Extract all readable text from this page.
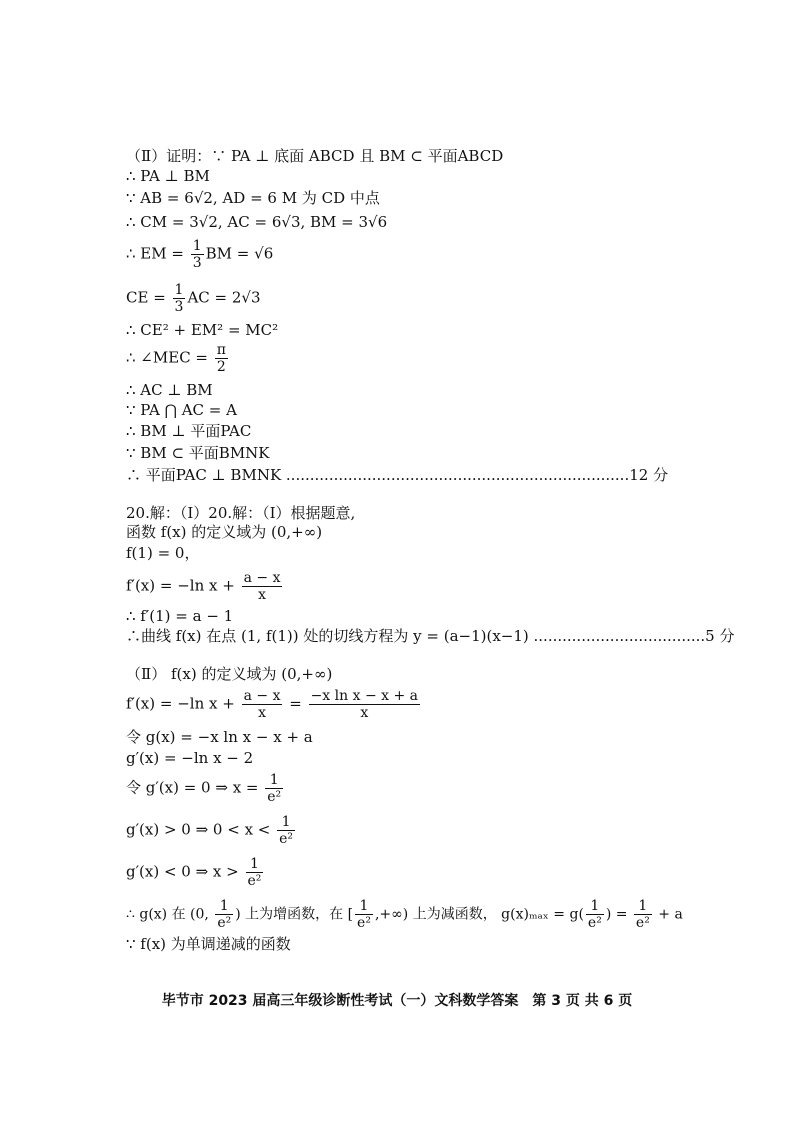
（Ⅱ）证明：∵ PA ⊥ 底面 ABCD 且 BM ⊂ 平面ABCD
∴ PA ⊥ BM
∵ AB = 6√2, AD = 6 M 为 CD 中点
∴ CM = 3√2, AC = 6√3, BM = 3√6
∴ EM = $\frac{1}{3}$ BM = √6
CE = $\frac{1}{3}$ AC = 2√3
∴ CE² + EM² = MC²
∴ ∠MEC = $\frac{\pi}{2}$
∴ AC ⊥ BM
∵ PA ⋂ AC = A
∴ BM ⊥ 平面PAC
∵ BM ⊂ 平面BMNK
∴ 平面PAC ⊥ BMNK ........................................................................12 分
20.解：（Ⅰ）20.解：（Ⅰ）根据题意,
函数 f(x) 的定义域为 (0,+∞)
f(1) = 0，
f′(x) = −ln $x + \frac{a - x}{x}$
∴ f′(1) = a − 1
∴曲线 f(x) 在点 (1, f(1)) 处的切线方程为 y = (a−1)(x−1) ....................................5 分
（Ⅱ） f(x) 的定义域为 (0,+∞)
f′(x) = −ln $x + \frac{a - x}{x} = \frac{\text{−x ln x − x + a}}{x}$
令 g(x) = −x ln x − x + a
g′(x) = −ln x − 2
令 g′(x) = 0 ⇒ $x = \frac{1}{\text{e²}}$
g′(x) > 0 ⇒ $0 < x < \frac{1}{\text{e²}}$
g′(x) < 0 ⇒ $x > \frac{1}{\text{e²}}$
∴ g(x) 在 (0, $\frac{1}{\text{e²}}$ ) 上为增函数，在 [ $\frac{1}{\text{e²}}$ ,+∞) 上为减函数， $g(x)_{max} = g( \frac{1}{\text{e²}}$ ) = $\frac{1}{\text{e²}} + a$
∵ f(x) 为单调递减的函数
毕节市 2023 届高三年级诊断性考试（一）文科数学答案　第 3 页 共 6 页
